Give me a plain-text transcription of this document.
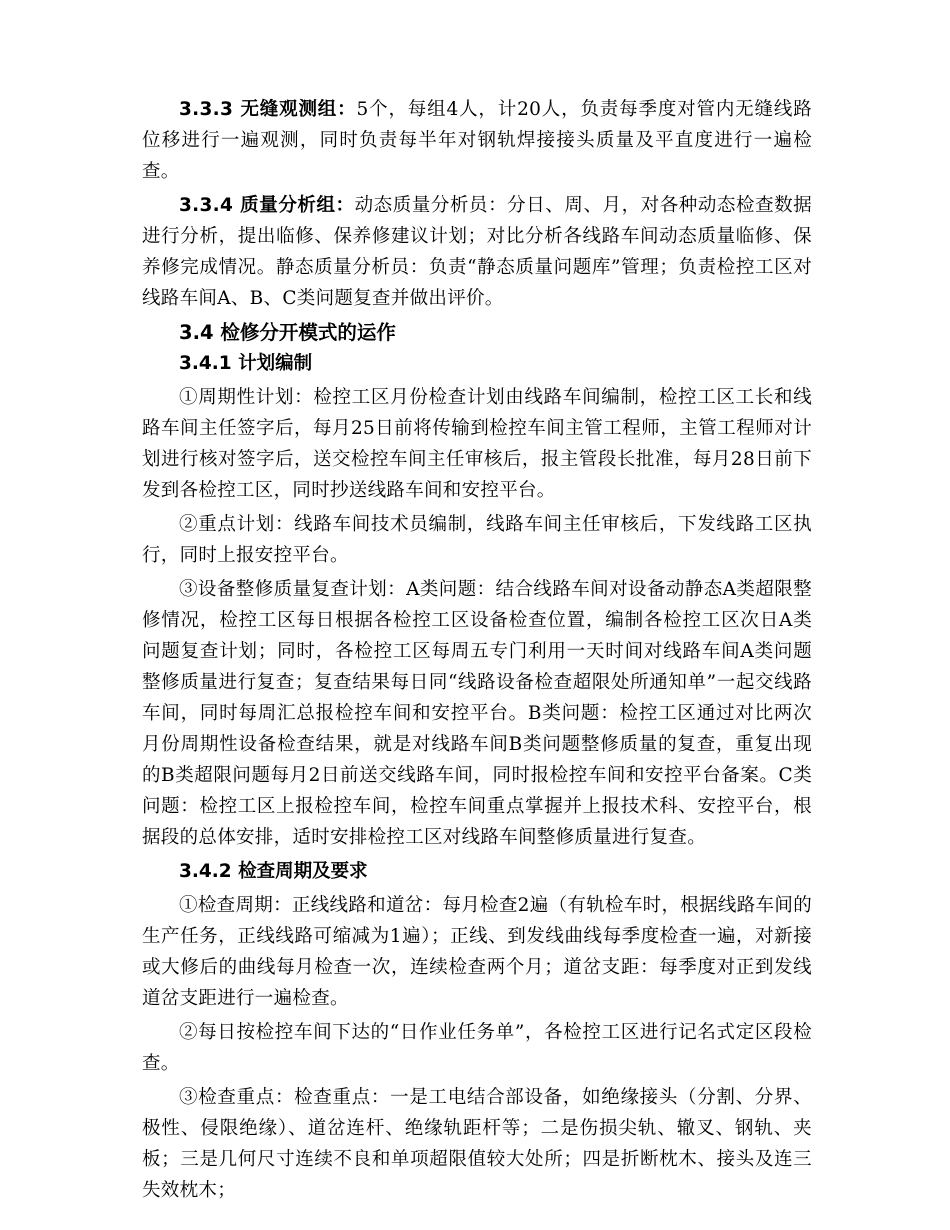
3.3.3 无缝观测组：5个，每组4人，计20人，负责每季度对管内无缝线路位移进行一遍观测，同时负责每半年对钢轨焊接接头质量及平直度进行一遍检查。

3.3.4 质量分析组：动态质量分析员：分日、周、月，对各种动态检查数据进行分析，提出临修、保养修建议计划；对比分析各线路车间动态质量临修、保养修完成情况。静态质量分析员：负责“静态质量问题库”管理；负责检控工区对线路车间A、B、C类问题复查并做出评价。

3.4 检修分开模式的运作
3.4.1 计划编制

①周期性计划：检控工区月份检查计划由线路车间编制，检控工区工长和线路车间主任签字后，每月25日前将传输到检控车间主管工程师，主管工程师对计划进行核对签字后，送交检控车间主任审核后，报主管段长批准，每月28日前下发到各检控工区，同时抄送线路车间和安控平台。

②重点计划：线路车间技术员编制，线路车间主任审核后，下发线路工区执行，同时上报安控平台。

③设备整修质量复查计划：A类问题：结合线路车间对设备动静态A类超限整修情况，检控工区每日根据各检控工区设备检查位置，编制各检控工区次日A类问题复查计划；同时，各检控工区每周五专门利用一天时间对线路车间A类问题整修质量进行复查；复查结果每日同“线路设备检查超限处所通知单”一起交线路车间，同时每周汇总报检控车间和安控平台。B类问题：检控工区通过对比两次月份周期性设备检查结果，就是对线路车间B类问题整修质量的复查，重复出现的B类超限问题每月2日前送交线路车间，同时报检控车间和安控平台备案。C类问题：检控工区上报检控车间，检控车间重点掌握并上报技术科、安控平台，根据段的总体安排，适时安排检控工区对线路车间整修质量进行复查。

3.4.2 检查周期及要求

①检查周期：正线线路和道岔：每月检查2遍（有轨检车时，根据线路车间的生产任务，正线线路可缩减为1遍）；正线、到发线曲线每季度检查一遍，对新接或大修后的曲线每月检查一次，连续检查两个月；道岔支距：每季度对正到发线道岔支距进行一遍检查。

②每日按检控车间下达的“日作业任务单”，各检控工区进行记名式定区段检查。

③检查重点：检查重点：一是工电结合部设备，如绝缘接头（分割、分界、极性、侵限绝缘）、道岔连杆、绝缘轨距杆等；二是伤损尖轨、辙叉、钢轨、夹板；三是几何尺寸连续不良和单项超限值较大处所；四是折断枕木、接头及连三失效枕木；
